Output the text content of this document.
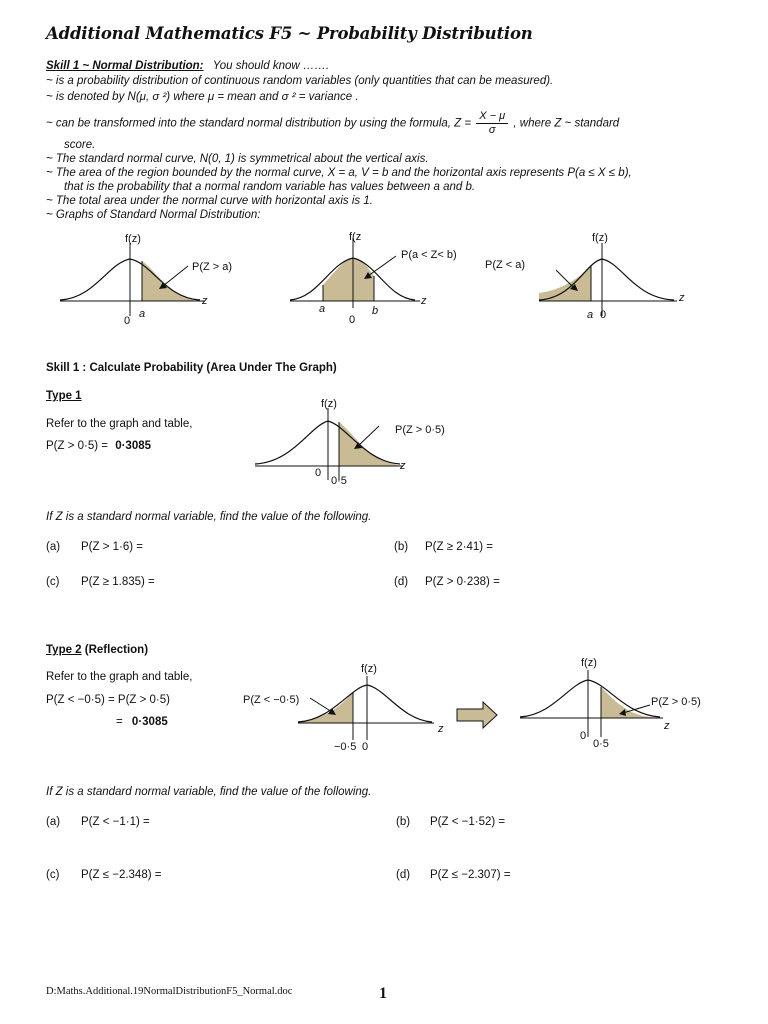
Additional Mathematics F5 ~ Probability Distribution
Skill 1 ~ Normal Distribution: You should know …….
~ is a probability distribution of continuous random variables (only quantities that can be measured).
~ is denoted by N(μ, σ ²) where μ = mean and σ ² = variance .
~ can be transformed into the standard normal distribution by using the formula, $Z = \frac{X - \mu}{\sigma}$ , where Z ~ standard
score.
~ The standard normal curve, N(0, 1) is symmetrical about the vertical axis.
~ The area of the region bounded by the normal curve, X = a, V = b and the horizontal axis represents P(a ≤ X ≤ b),
that is the probability that a normal random variable has values between a and b.
~ The total area under the normal curve with horizontal axis is 1.
~ Graphs of Standard Normal Distribution:
f(z)
P(Z > a)
z
0
a
f(z
P(a < Z< b)
z
0
a	b
f(z)
P(Z < a)
z
0
a
Skill 1 : Calculate Probability (Area Under The Graph)
Type 1
Refer to the graph and table,
P(Z > 0·5) = 0·3085
f(z)
P(Z > 0·5)
z
0
0·5
If Z is a standard normal variable, find the value of the following.
(a) P(Z > 1·6) =	(b) P(Z ≥ 2·41) =
(c) P(Z ≥ 1.835) =	(d) P(Z > 0·238) =
Type 2 (Reflection)
Refer to the graph and table,
P(Z < −0·5) = P(Z > 0·5)
= 0·3085
f(z)
P(Z < −0·5)
z
−0·5 0
f(z)
P(Z > 0·5)
z
0
0·5
If Z is a standard normal variable, find the value of the following.
(a) P(Z < −1·1) =	(b) P(Z < −1·52) =
(c) P(Z ≤ −2.348) =	(d) P(Z ≤ −2.307) =
D:Maths.Additional.19NormalDistributionF5_Normal.doc	1
